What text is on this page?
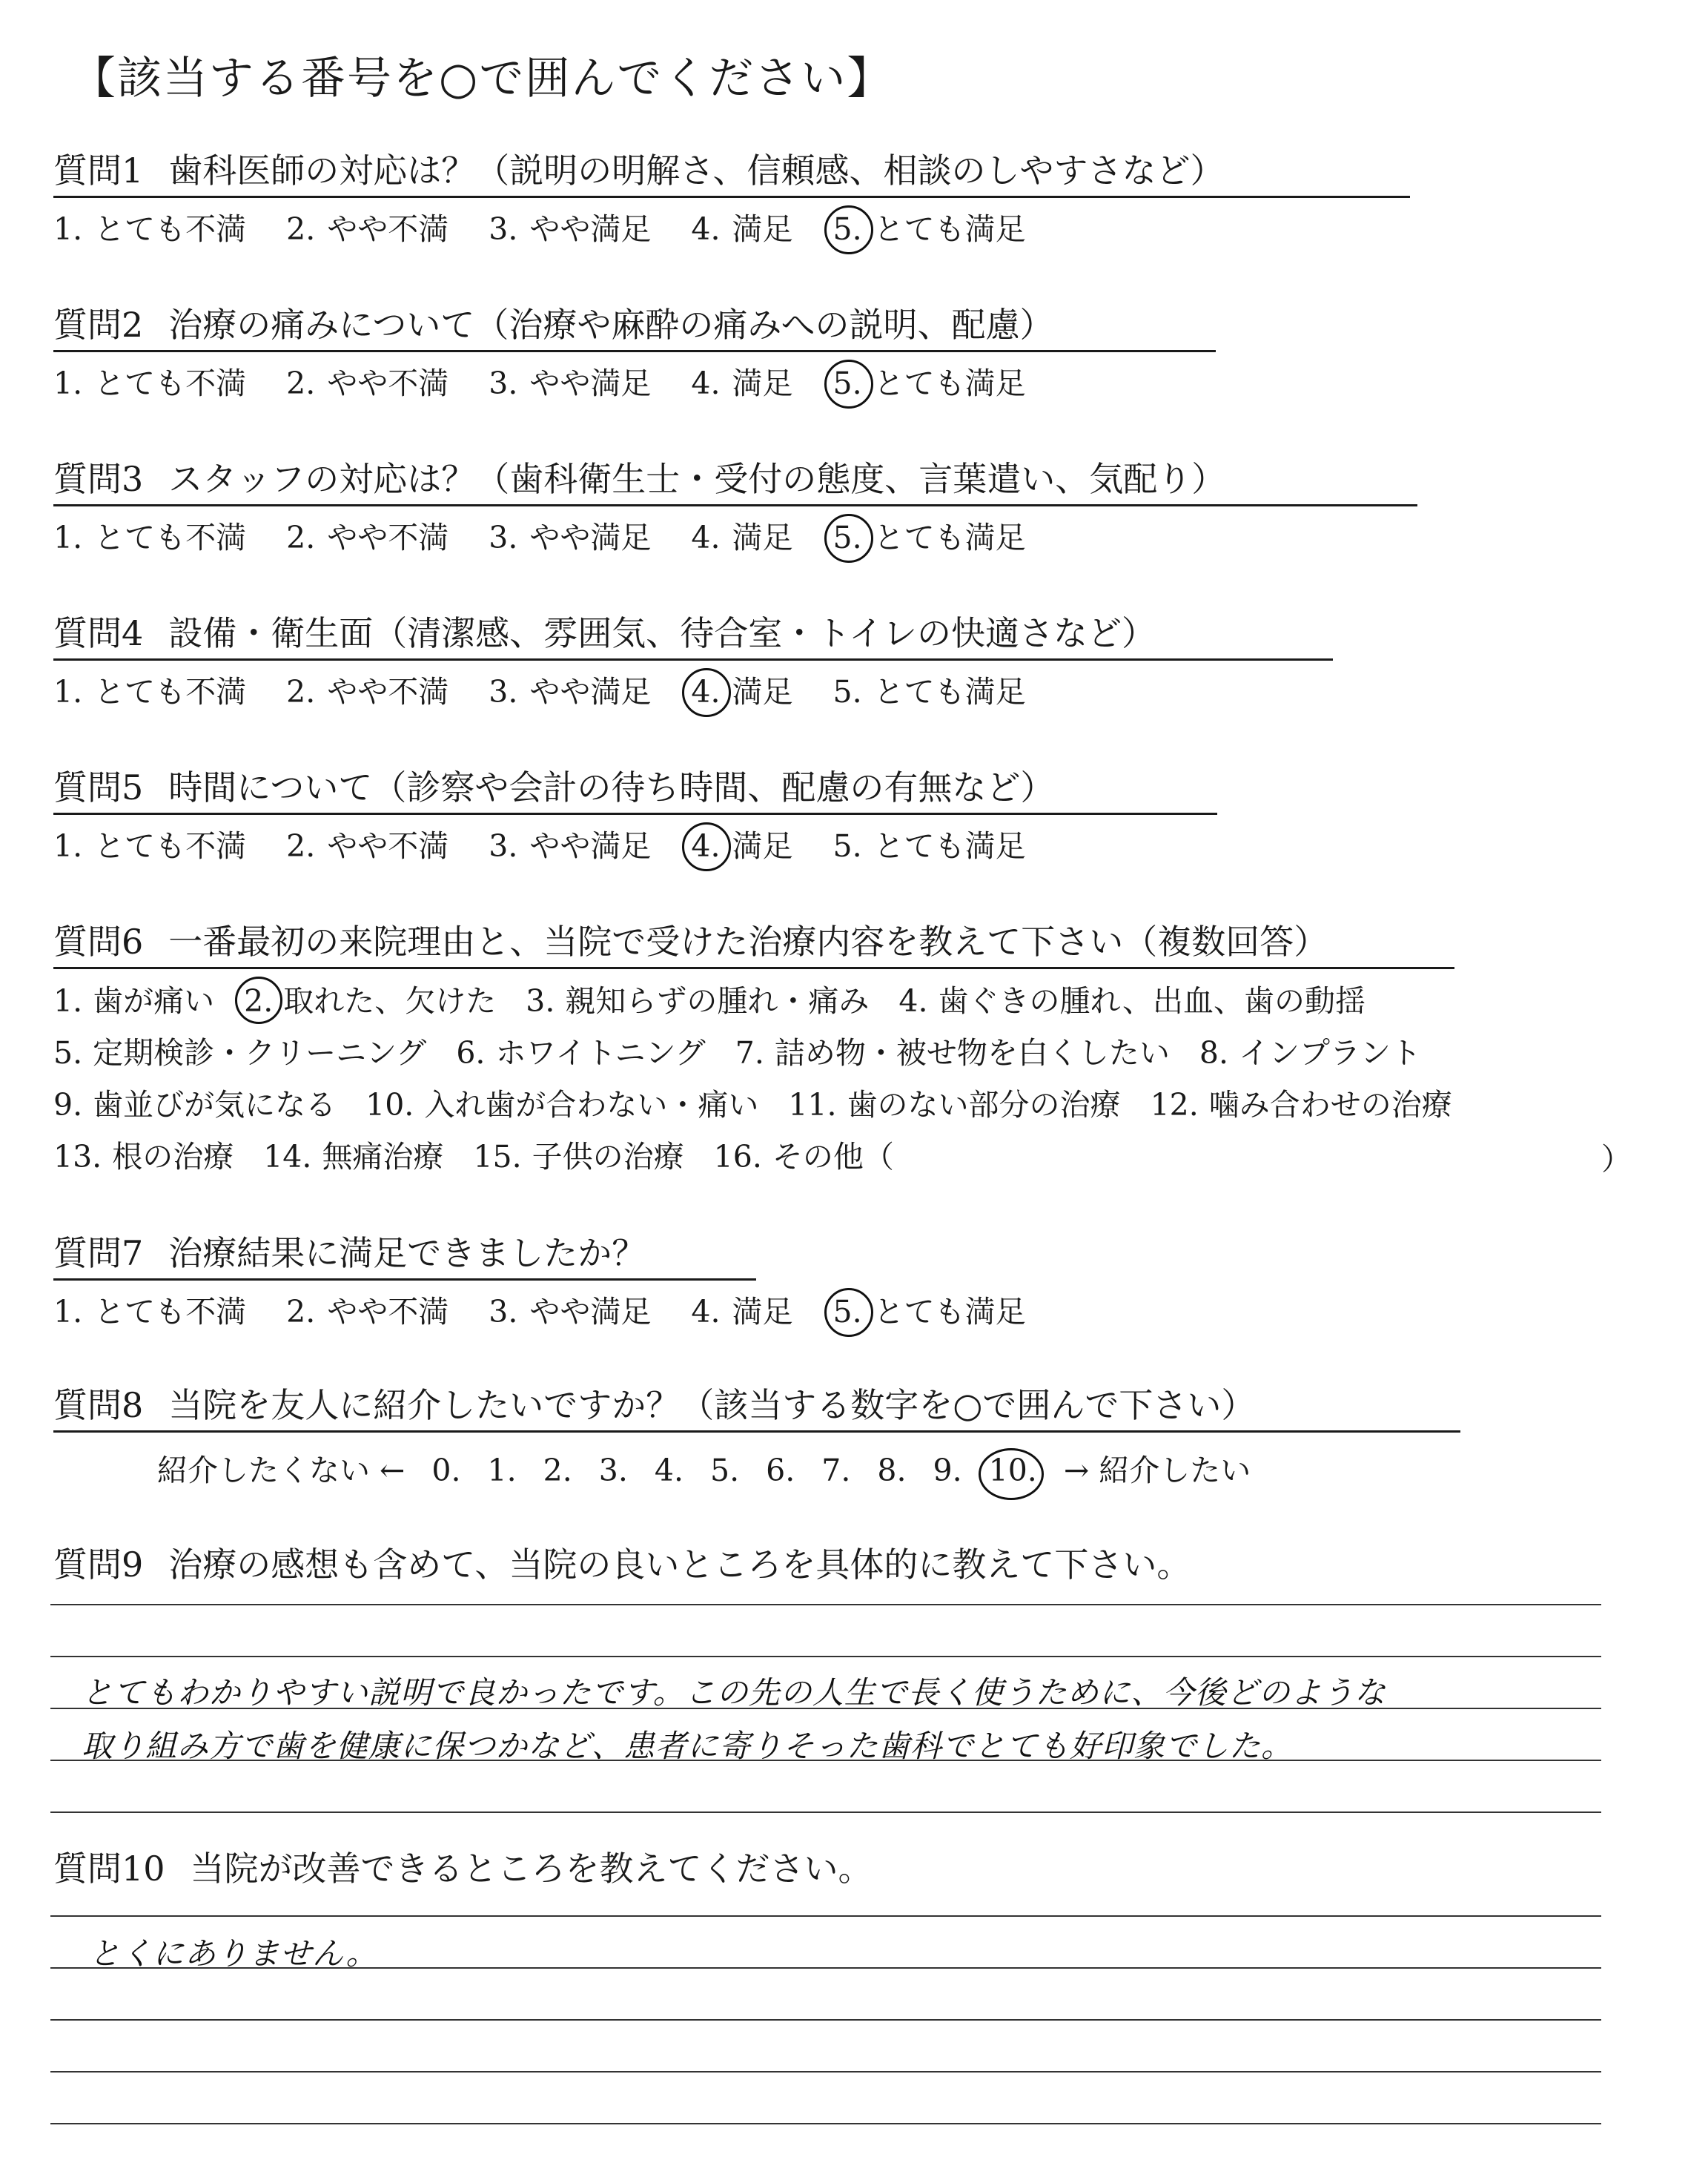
【該当する番号を○で囲んでください】
質問1 歯科医師の対応は？（説明の明解さ、信頼感、相談のしやすさなど）
1. とても不満 2. やや不満 3. やや満足 4. 満足 5. とても満足
質問2 治療の痛みについて（治療や麻酔の痛みへの説明、配慮）
1. とても不満 2. やや不満 3. やや満足 4. 満足 5. とても満足
質問3 スタッフの対応は？（歯科衛生士・受付の態度、言葉遣い、気配り）
1. とても不満 2. やや不満 3. やや満足 4. 満足 5. とても満足
質問4 設備・衛生面（清潔感、雰囲気、待合室・トイレの快適さなど）
1. とても不満 2. やや不満 3. やや満足 4. 満足 5. とても満足
質問5 時間について（診察や会計の待ち時間、配慮の有無など）
1. とても不満 2. やや不満 3. やや満足 4. 満足 5. とても満足
質問6 一番最初の来院理由と、当院で受けた治療内容を教えて下さい（複数回答）
1. 歯が痛い 2. 取れた、欠けた 3. 親知らずの腫れ・痛み 4. 歯ぐきの腫れ、出血、歯の動揺
5. 定期検診・クリーニング 6. ホワイトニング 7. 詰め物・被せ物を白くしたい 8. インプラント
9. 歯並びが気になる 10. 入れ歯が合わない・痛い 11. 歯のない部分の治療 12. 噛み合わせの治療
13. 根の治療 14. 無痛治療 15. 子供の治療 16. その他（	）
質問7 治療結果に満足できましたか？
1. とても不満 2. やや不満 3. やや満足 4. 満足 5. とても満足
質問8 当院を友人に紹介したいですか？（該当する数字を○で囲んで下さい）
紹介したくない ← 0. 1. 2. 3. 4. 5. 6. 7. 8. 9. 10. → 紹介したい
質問9 治療の感想も含めて、当院の良いところを具体的に教えて下さい。
とてもわかりやすい説明で良かったです。この先の人生で長く使うために、今後どのような
取り組み方で歯を健康に保つかなど、患者に寄りそった歯科でとても好印象でした。
質問10 当院が改善できるところを教えてください。
とくにありません。
